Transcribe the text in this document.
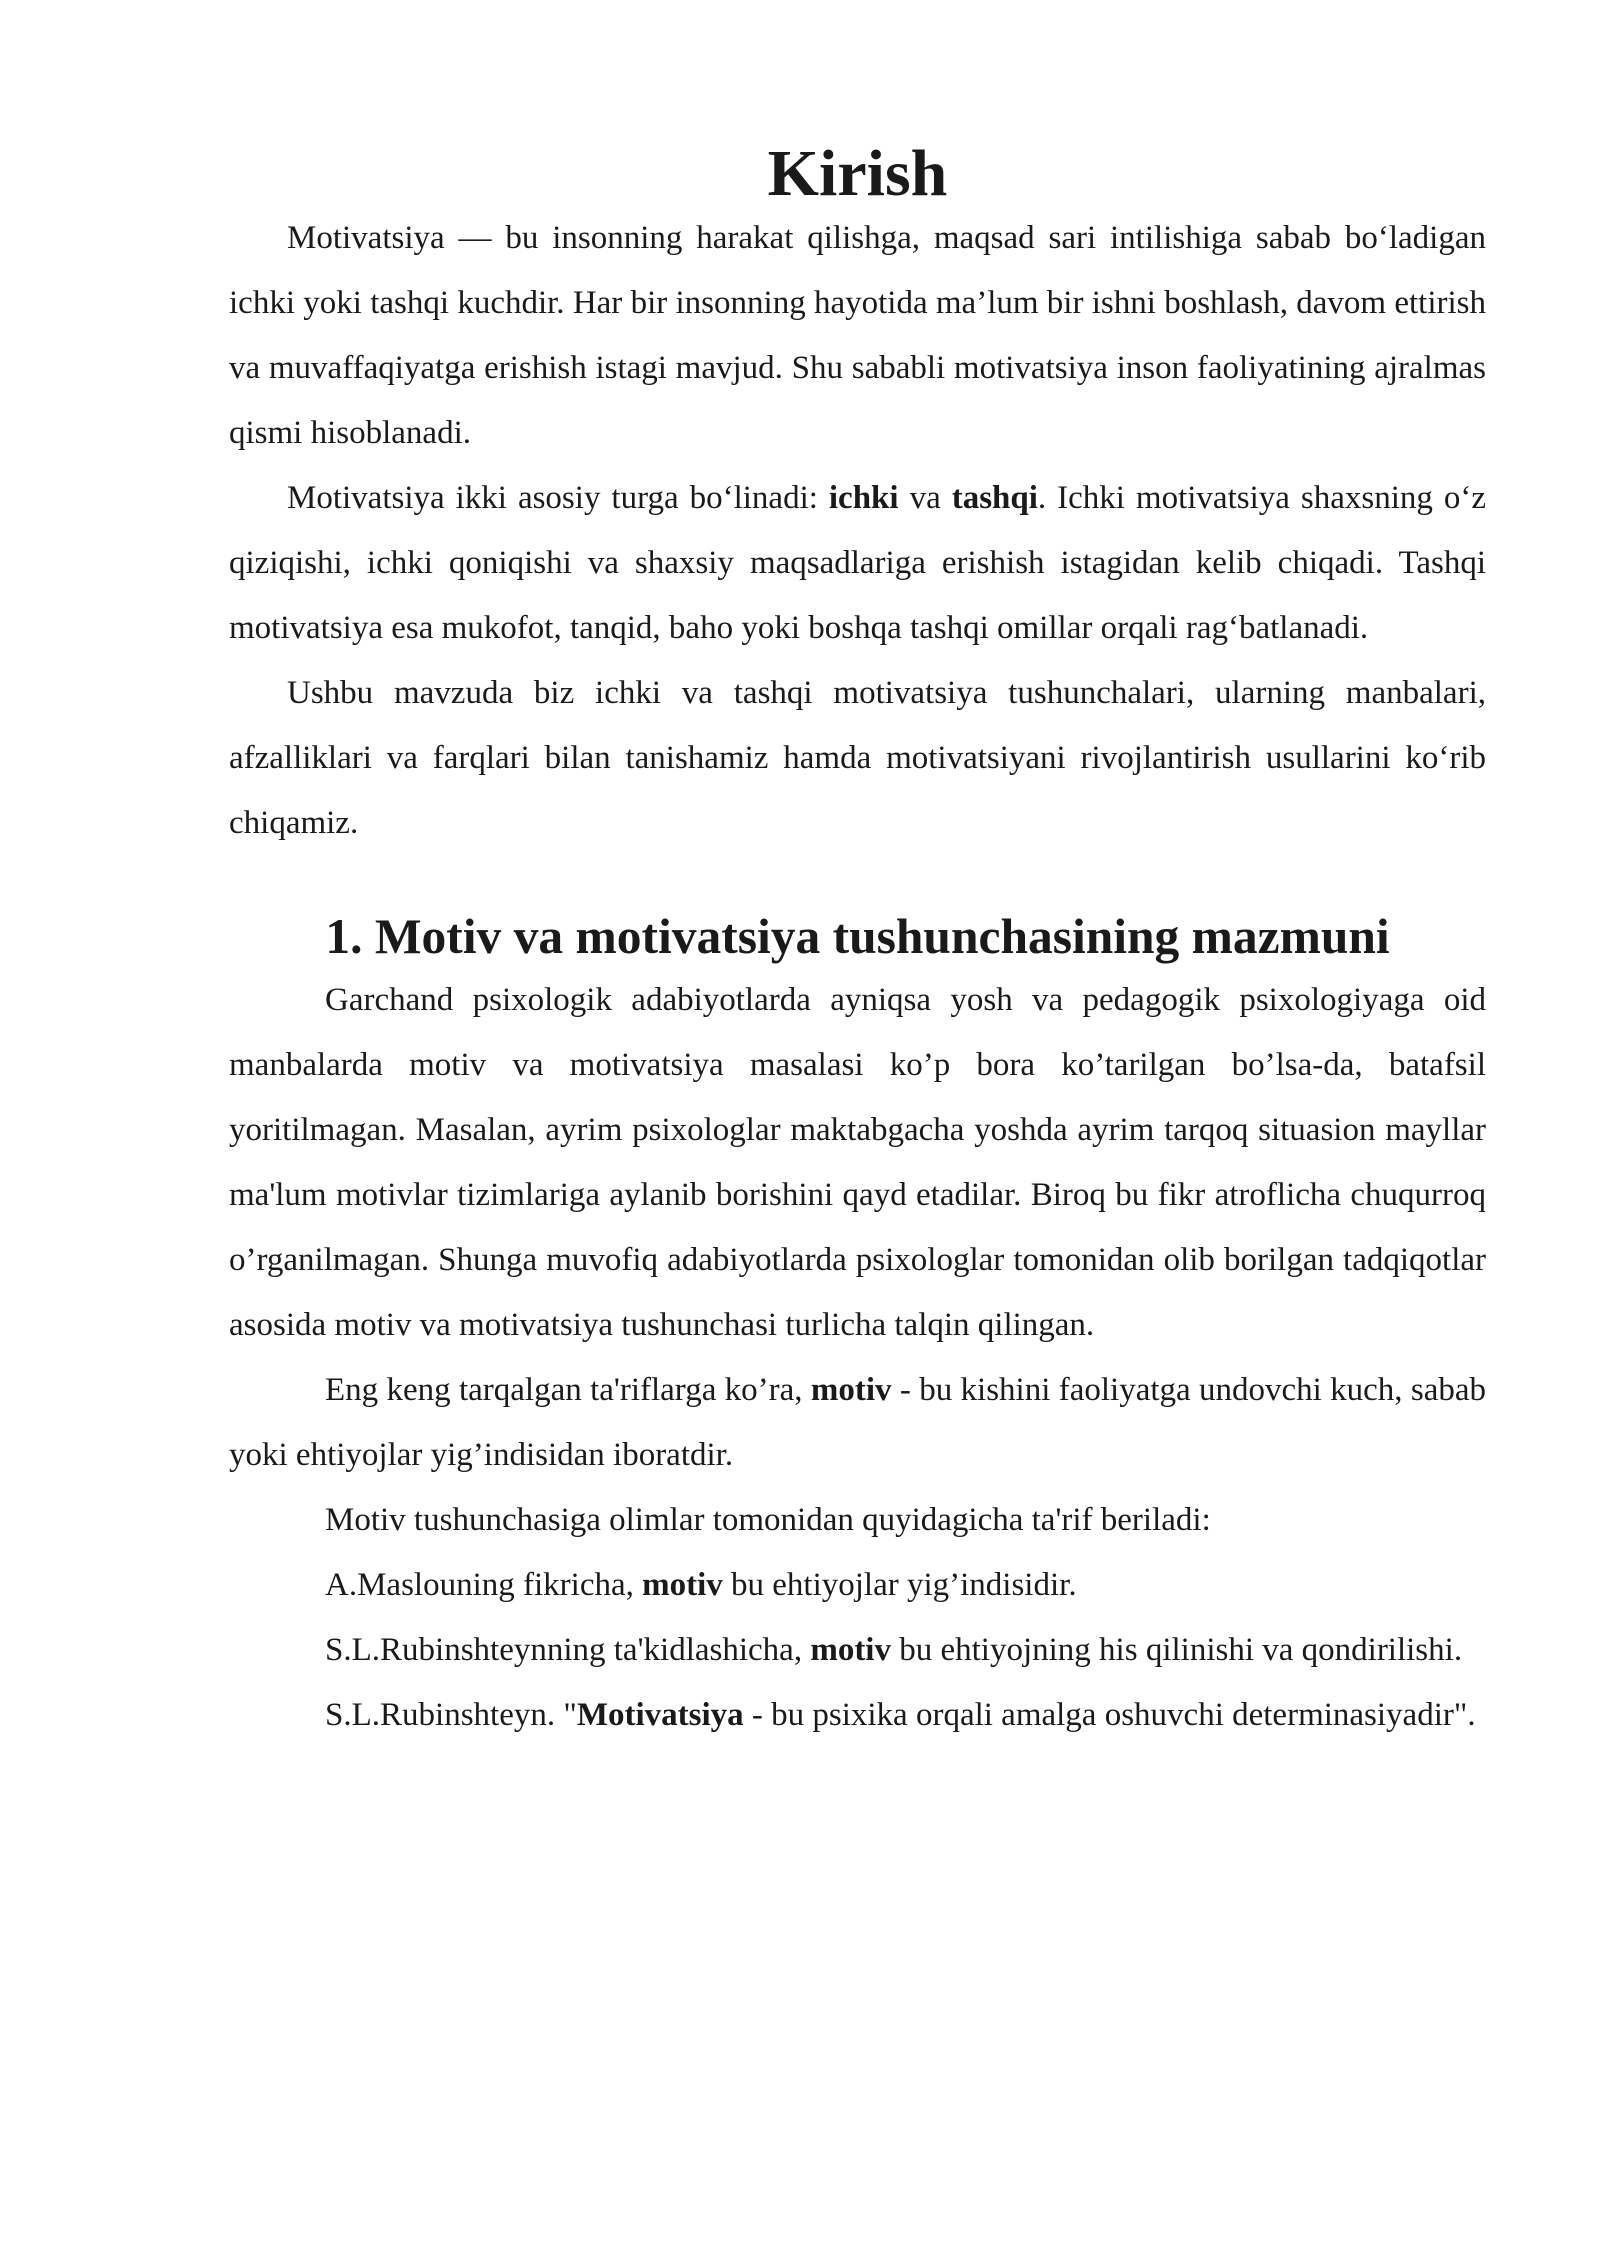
Kirish

Motivatsiya — bu insonning harakat qilishga, maqsad sari intilishiga sabab bo‘ladigan ichki yoki tashqi kuchdir. Har bir insonning hayotida ma’lum bir ishni boshlash, davom ettirish va muvaffaqiyatga erishish istagi mavjud. Shu sababli motivatsiya inson faoliyatining ajralmas qismi hisoblanadi.

Motivatsiya ikki asosiy turga bo‘linadi: ichki va tashqi. Ichki motivatsiya shaxsning o‘z qiziqishi, ichki qoniqishi va shaxsiy maqsadlariga erishish istagidan kelib chiqadi. Tashqi motivatsiya esa mukofot, tanqid, baho yoki boshqa tashqi omillar orqali rag‘batlanadi.

Ushbu mavzuda biz ichki va tashqi motivatsiya tushunchalari, ularning manbalari, afzalliklari va farqlari bilan tanishamiz hamda motivatsiyani rivojlantirish usullarini ko‘rib chiqamiz.

1. Motiv va motivatsiya tushunchasining mazmuni

Garchand psixologik adabiyotlarda ayniqsa yosh va pedagogik psixologiyaga oid manbalarda motiv va motivatsiya masalasi ko’p bora ko’tarilgan bo’lsa-da, batafsil yoritilmagan. Masalan, ayrim psixologlar maktabgacha yoshda ayrim tarqoq situasion mayllar ma'lum motivlar tizimlariga aylanib borishini qayd etadilar. Biroq bu fikr atroflicha chuqurroq o’rganilmagan. Shunga muvofiq adabiyotlarda psixologlar tomonidan olib borilgan tadqiqotlar asosida motiv va motivatsiya tushunchasi turlicha talqin qilingan.

Eng keng tarqalgan ta'riflarga ko’ra, motiv - bu kishini faoliyatga undovchi kuch, sabab yoki ehtiyojlar yig’indisidan iboratdir.

Motiv tushunchasiga olimlar tomonidan quyidagicha ta'rif beriladi:

A.Maslouning fikricha, motiv bu ehtiyojlar yig’indisidir.

S.L.Rubinshteynning ta'kidlashicha, motiv bu ehtiyojning his qilinishi va qondirilishi.

S.L.Rubinshteyn. "Motivatsiya - bu psixika orqali amalga oshuvchi determinasiyadir".
